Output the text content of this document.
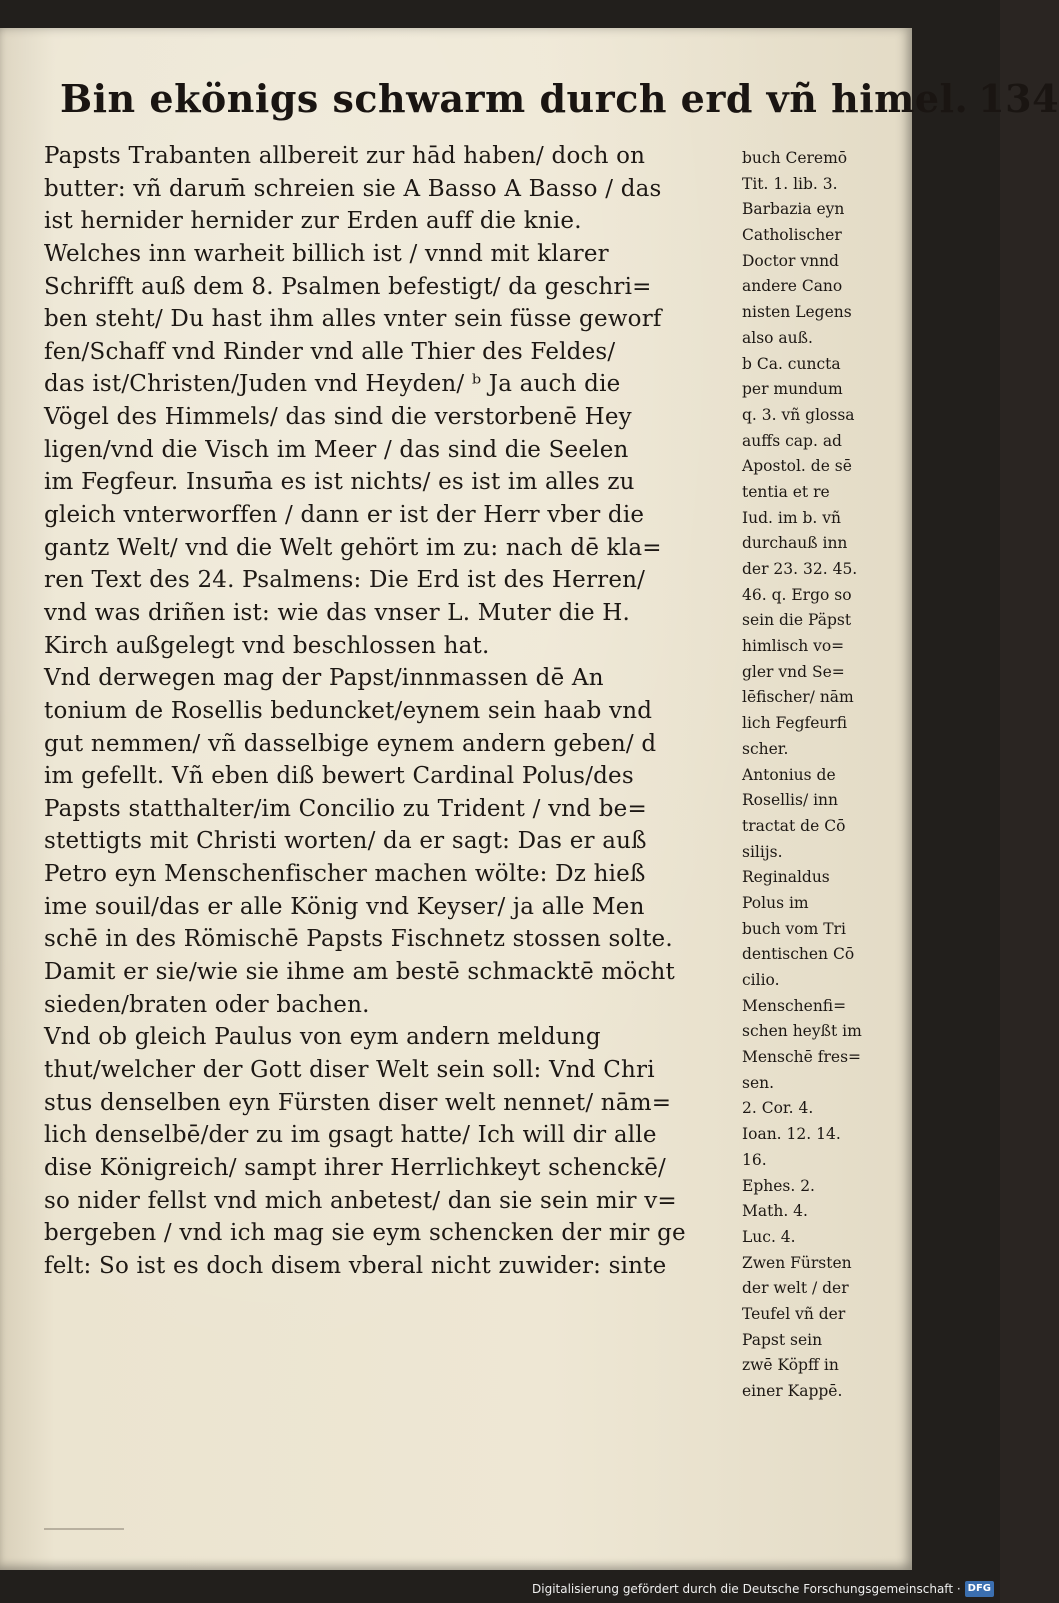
Bin ekönigs schwarm durch erd vñ himel. 134
Papsts Trabanten allbereit zur hād haben/ doch on
butter: vñ darum̄ schreien sie A Basso A Basso / das
ist hernider hernider zur Erden auff die knie.
Welches inn warheit billich ist / vnnd mit klarer
Schrifft auß dem 8. Psalmen befestigt/ da geschri=
ben steht/ Du hast ihm alles vnter sein füsse geworf
fen/Schaff vnd Rinder vnd alle Thier des Feldes/
das ist/Christen/Juden vnd Heyden/ ᵇ Ja auch die
Vögel des Himmels/ das sind die verstorbenē Hey
ligen/vnd die Visch im Meer / das sind die Seelen
im Fegfeur. Insum̄a es ist nichts/ es ist im alles zu
gleich vnterworffen / dann er ist der Herr vber die
gantz Welt/ vnd die Welt gehört im zu: nach dē kla=
ren Text des 24. Psalmens: Die Erd ist des Herren/
vnd was driñen ist: wie das vnser L. Muter die H.
Kirch außgelegt vnd beschlossen hat.
Vnd derwegen mag der Papst/innmassen dē An
tonium de Rosellis beduncket/eynem sein haab vnd
gut nemmen/ vñ dasselbige eynem andern geben/ d
im gefellt. Vñ eben diß bewert Cardinal Polus/des
Papsts statthalter/im Concilio zu Trident / vnd be=
stettigts mit Christi worten/ da er sagt: Das er auß
Petro eyn Menschenfischer machen wölte: Dz hieß
ime souil/das er alle König vnd Keyser/ ja alle Men
schē in des Römischē Papsts Fischnetz stossen solte.
Damit er sie/wie sie ihme am bestē schmacktē möcht
sieden/braten oder bachen.
Vnd ob gleich Paulus von eym andern meldung
thut/welcher der Gott diser Welt sein soll: Vnd Chri
stus denselben eyn Fürsten diser welt nennet/ nām=
lich denselbē/der zu im gsagt hatte/ Ich will dir alle
dise Königreich/ sampt ihrer Herrlichkeyt schenckē/
so nider fellst vnd mich anbetest/ dan sie sein mir v=
bergeben / vnd ich mag sie eym schencken der mir ge
felt: So ist es doch disem vberal nicht zuwider: sinte
buch Ceremō
Tit. 1. lib. 3.
Barbazia eyn
Catholischer
Doctor vnnd
andere Cano
nisten Legens
also auß.
b Ca. cuncta
per mundum
q. 3. vñ glossa
auffs cap. ad
Apostol. de sē
tentia et re
Iud. im b. vñ
durchauß inn
der 23. 32. 45.
46. q. Ergo so
sein die Päpst
himlisch vo=
gler vnd Se=
lēfischer/ nām
lich Fegfeurfi
scher.
Antonius de
Rosellis/ inn
tractat de Cō
silijs.
Reginaldus
Polus im
buch vom Tri
dentischen Cō
cilio.
Menschenfi=
schen heyßt im
Menschē fres=
sen.
2. Cor. 4.
Ioan. 12. 14.
16.
Ephes. 2.
Math. 4.
Luc. 4.
Zwen Fürsten
der welt / der
Teufel vñ der
Papst sein
zwē Köpff in
einer Kappē.
Digitalisierung gefördert durch die Deutsche Forschungsgemeinschaft · DFG
